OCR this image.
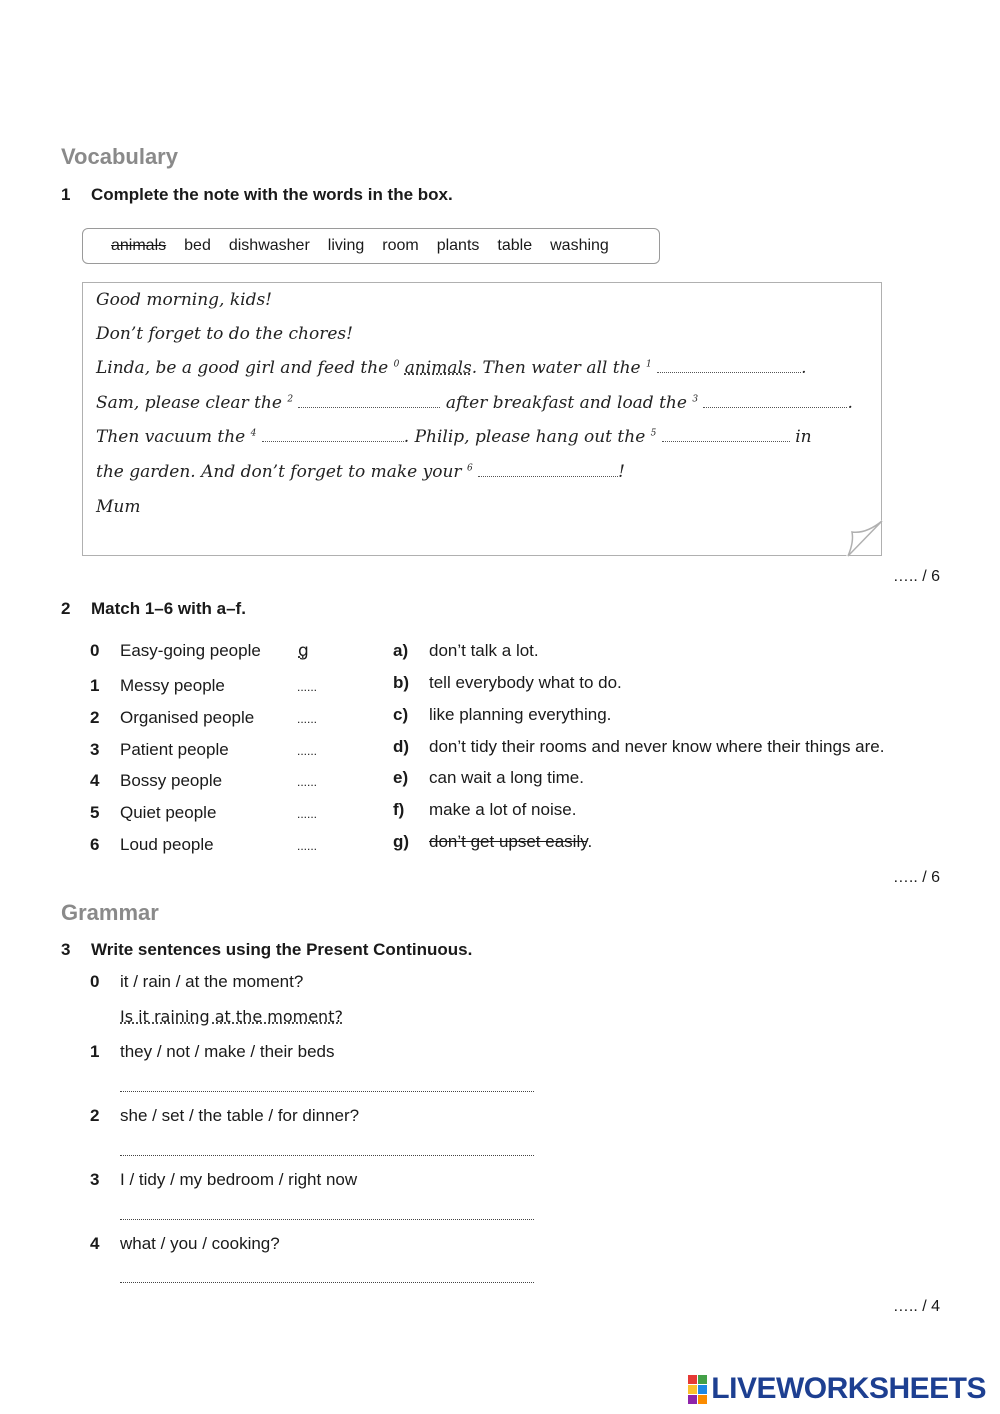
Vocabulary
1 Complete the note with the words in the box.
animals bed dishwasher living room plants table washing
Good morning, kids!
Don’t forget to do the chores!
Linda, be a good girl and feed the $^0$ animals. Then water all the $^1$	.
Sam, please clear the $^2$	after breakfast and load the $^3$	.
Then vacuum the $^4$	. Philip, please hang out the $^5$	in
the garden. And don’t forget to make your $^6$	!
Mum
….. / 6
2 Match 1–6 with a–f.
0 Easy-going people g
1 Messy people	......
2 Organised people	......
3 Patient people	......
4 Bossy people	......
5 Quiet people	......
6 Loud people	......
a) don’t talk a lot.
b) tell everybody what to do.
c) like planning everything.
d) don’t tidy their rooms and never know where their things are.
e) can wait a long time.
f) make a lot of noise.
g) don’t get upset easily.
….. / 6
Grammar
3 Write sentences using the Present Continuous.
0 it / rain / at the moment?
Is it raining at the moment?
1 they / not / make / their beds
2 she / set / the table / for dinner?
3 I / tidy / my bedroom / right now
4 what / you / cooking?
….. / 4
LIVEWORKSHEETS
